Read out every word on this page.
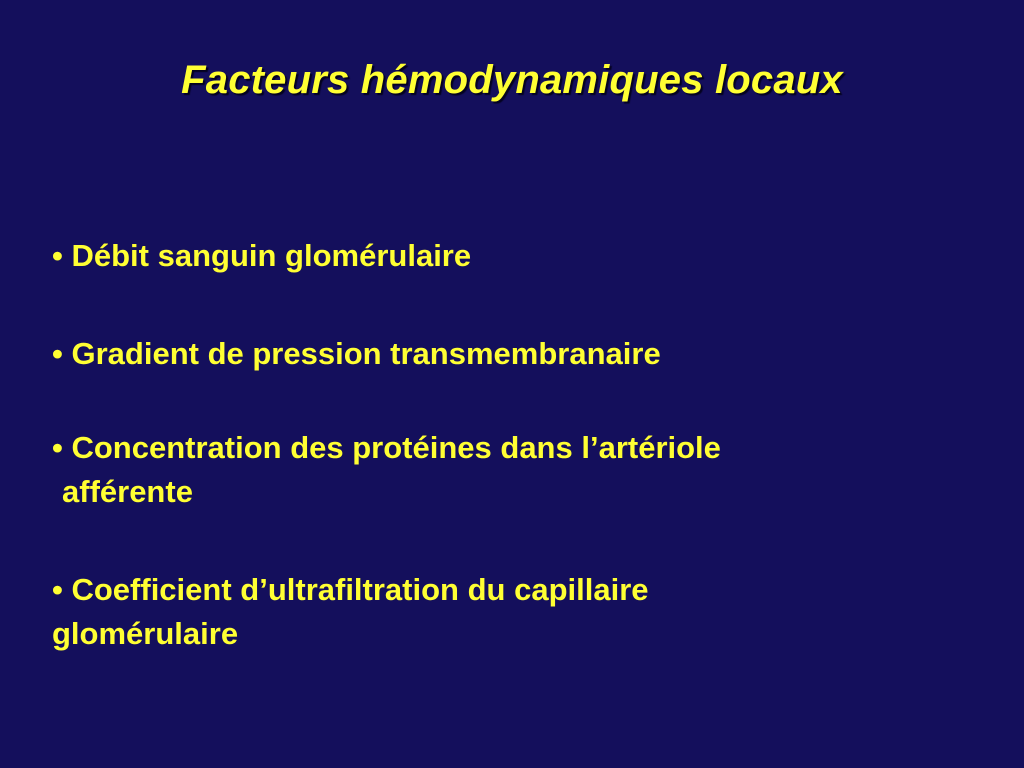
Facteurs hémodynamiques locaux

• Débit sanguin glomérulaire

• Gradient de pression transmembranaire

• Concentration des protéines dans l’artériole
afférente

• Coefficient d’ultrafiltration du capillaire
glomérulaire
